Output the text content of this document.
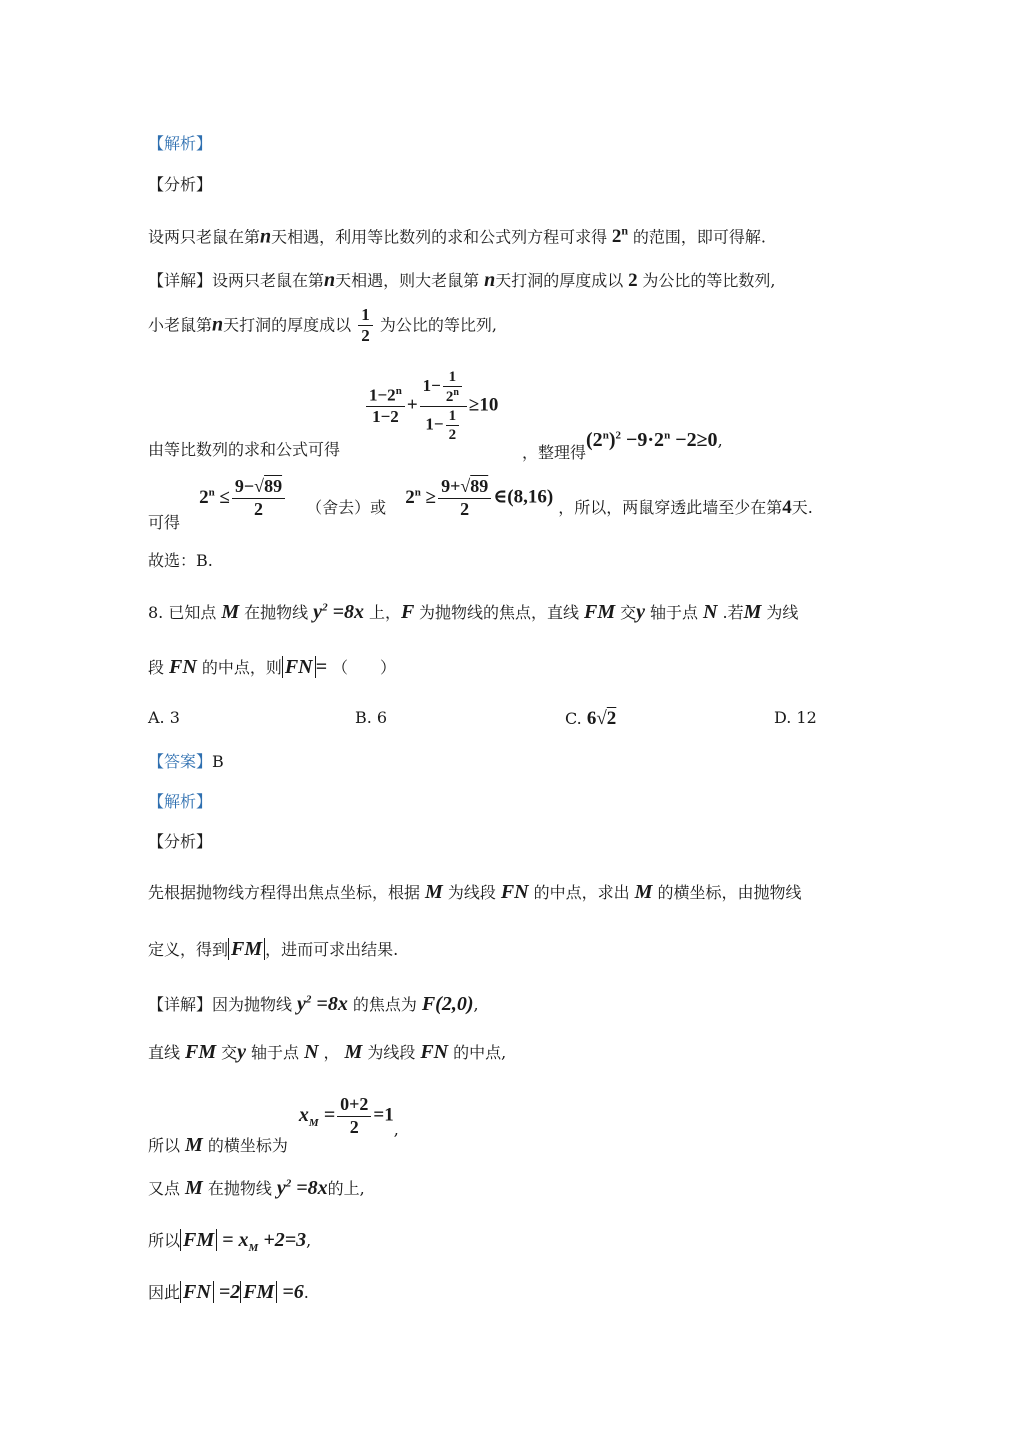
【解析】
【分析】
设两只老鼠在第n天相遇，利用等比数列的求和公式列方程可求得 2$^n$ 的范围，即可得解.
【详解】设两只老鼠在第n天相遇，则大老鼠第 n天打洞的厚度成以 2 为公比的等比数列,
小老鼠第n天打洞的厚度成以 $\frac{1}{2}$ 为公比的等比列,
$\frac{1-2^n}{1-2} + \frac{1- \frac{1}{2^n}}{1- \frac{1}{2}} \ge 10$
由等比数列的求和公式可得	，整理得$(2^n)^2 -9\cdot 2^n -2\ge 0$,
可得 $2^n \le \frac{9-√89}{2}$ （舍去）或 $2^n \ge \frac{9+√89}{2}$ ∈(8,16) ，所以，两鼠穿透此墙至少在第4天.
故选：B.
8. 已知点 M 在抛物线 $y^2 =8x$ 上，F 为抛物线的焦点，直线 FM 交y 轴于点 N .若M 为线
段 FN 的中点，则 FN = （　　）
A. 3	B. 6	C. 6√2	D. 12
【答案】B
【解析】
【分析】
先根据抛物线方程得出焦点坐标，根据 M 为线段 FN 的中点，求出 M 的横坐标，由抛物线
定义，得到 FM ，进而可求出结果.
【详解】因为抛物线 $y^2 =8x$ 的焦点为 F(2,0),
直线 FM 交y 轴于点 N ， M 为线段 FN 的中点,
所以 M 的横坐标为 $x_M = \frac{0+2}{2} =1$,
又点 M 在抛物线 $y^2 =8x$的上,
所以 FM = $x_M +2=3$,
因此 FN =2 FM =6.
